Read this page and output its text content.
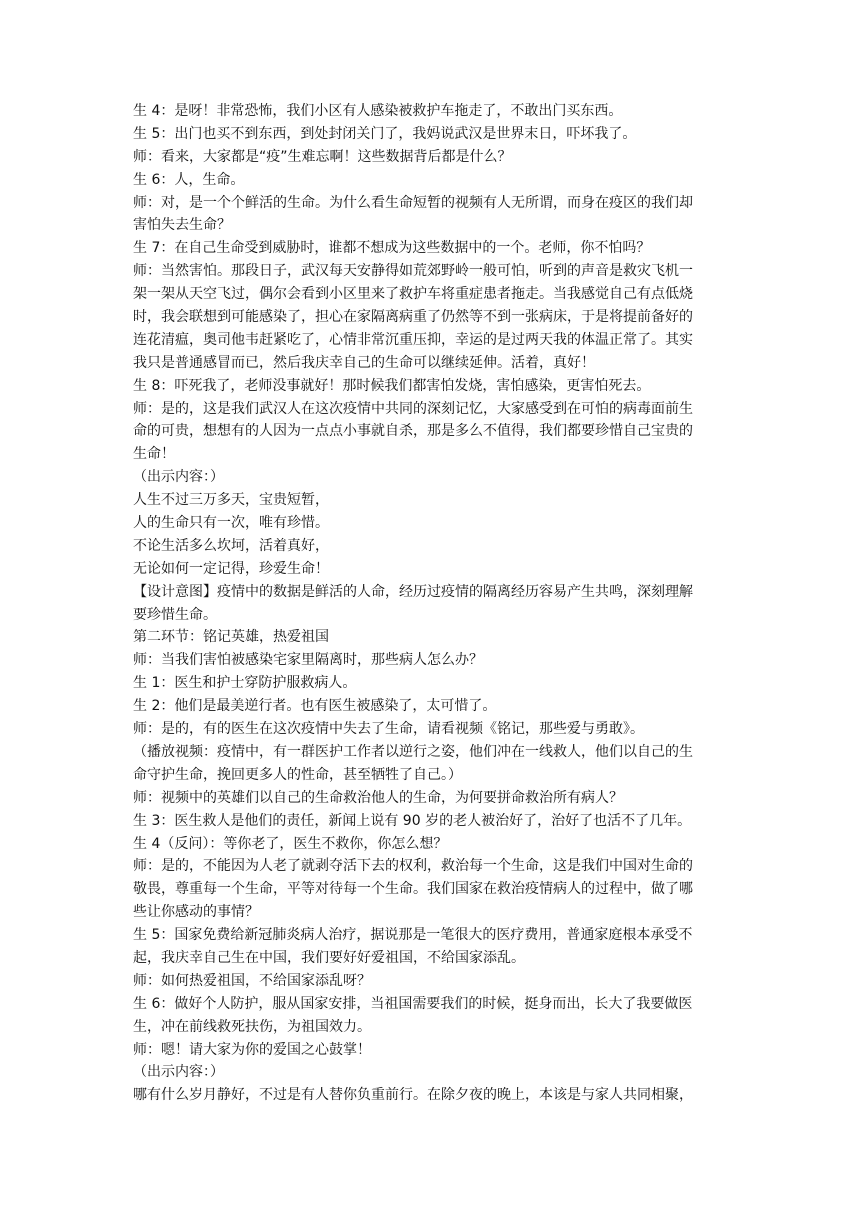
生 4：是呀！非常恐怖，我们小区有人感染被救护车拖走了，不敢出门买东西。
生 5：出门也买不到东西，到处封闭关门了，我妈说武汉是世界末日，吓坏我了。
师：看来，大家都是“疫”生难忘啊！这些数据背后都是什么？
生 6：人，生命。
师：对，是一个个鲜活的生命。为什么看生命短暂的视频有人无所谓，而身在疫区的我们却
害怕失去生命？
生 7：在自己生命受到威胁时，谁都不想成为这些数据中的一个。老师，你不怕吗？
师：当然害怕。那段日子，武汉每天安静得如荒郊野岭一般可怕，听到的声音是救灾飞机一
架一架从天空飞过，偶尔会看到小区里来了救护车将重症患者拖走。当我感觉自己有点低烧
时，我会联想到可能感染了，担心在家隔离病重了仍然等不到一张病床，于是将提前备好的
连花清瘟，奥司他韦赶紧吃了，心情非常沉重压抑，幸运的是过两天我的体温正常了。其实
我只是普通感冒而已，然后我庆幸自己的生命可以继续延伸。活着，真好！
生 8：吓死我了，老师没事就好！那时候我们都害怕发烧，害怕感染，更害怕死去。
师：是的，这是我们武汉人在这次疫情中共同的深刻记忆，大家感受到在可怕的病毒面前生
命的可贵，想想有的人因为一点点小事就自杀，那是多么不值得，我们都要珍惜自己宝贵的
生命！
（出示内容：）
人生不过三万多天，宝贵短暂，
人的生命只有一次，唯有珍惜。
不论生活多么坎坷，活着真好，
无论如何一定记得，珍爱生命！
【设计意图】疫情中的数据是鲜活的人命，经历过疫情的隔离经历容易产生共鸣，深刻理解
要珍惜生命。
第二环节：铭记英雄，热爱祖国
师：当我们害怕被感染宅家里隔离时，那些病人怎么办？
生 1：医生和护士穿防护服救病人。
生 2：他们是最美逆行者。也有医生被感染了，太可惜了。
师：是的，有的医生在这次疫情中失去了生命，请看视频《铭记，那些爱与勇敢》。
（播放视频：疫情中，有一群医护工作者以逆行之姿，他们冲在一线救人，他们以自己的生
命守护生命，挽回更多人的性命，甚至牺牲了自己。）
师：视频中的英雄们以自己的生命救治他人的生命，为何要拼命救治所有病人？
生 3：医生救人是他们的责任，新闻上说有 90 岁的老人被治好了，治好了也活不了几年。
生 4（反问）：等你老了，医生不救你，你怎么想？
师：是的，不能因为人老了就剥夺活下去的权利，救治每一个生命，这是我们中国对生命的
敬畏，尊重每一个生命，平等对待每一个生命。我们国家在救治疫情病人的过程中，做了哪
些让你感动的事情？
生 5：国家免费给新冠肺炎病人治疗，据说那是一笔很大的医疗费用，普通家庭根本承受不
起，我庆幸自己生在中国，我们要好好爱祖国，不给国家添乱。
师：如何热爱祖国，不给国家添乱呀？
生 6：做好个人防护，服从国家安排，当祖国需要我们的时候，挺身而出，长大了我要做医
生，冲在前线救死扶伤，为祖国效力。
师：嗯！请大家为你的爱国之心鼓掌！
（出示内容：）
哪有什么岁月静好，不过是有人替你负重前行。在除夕夜的晚上，本该是与家人共同相聚，
